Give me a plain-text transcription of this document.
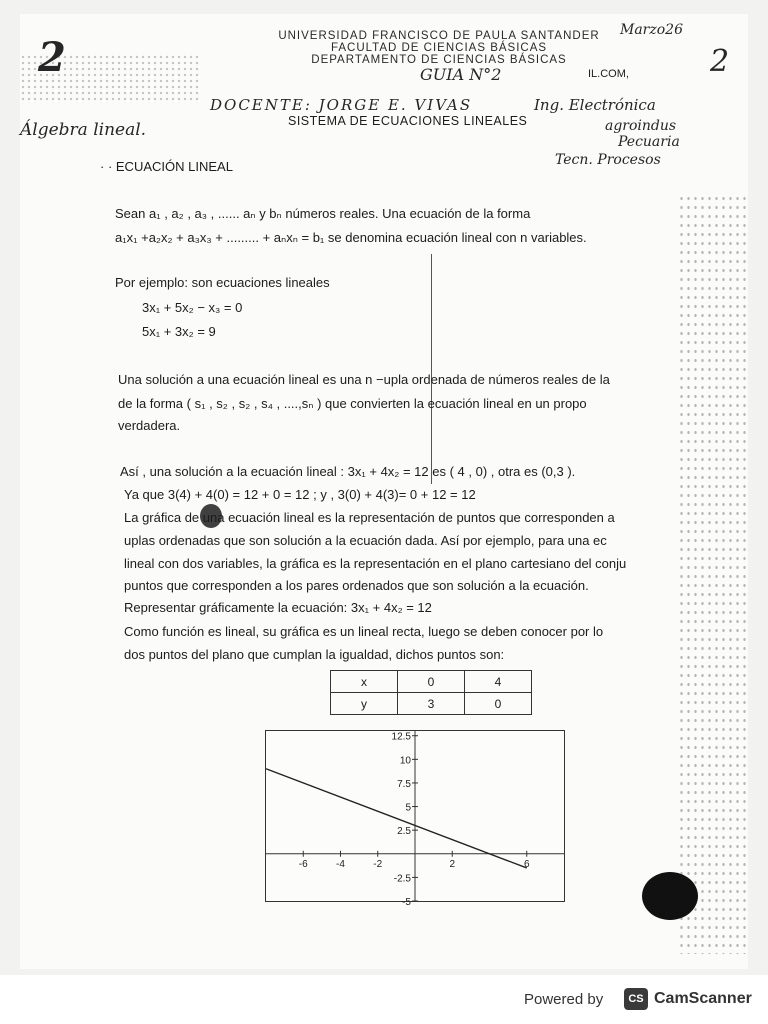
2
Marzo26
2
UNIVERSIDAD FRANCISCO DE PAULA SANTANDER
FACULTAD DE CIENCIAS BÁSICAS
DEPARTAMENTO DE CIENCIAS BÁSICAS
GUIA N°2	IL.COM,
DOCENTE: JORGE E. VIVAS	Ing. Electrónica
Álgebra lineal.	SISTEMA DE ECUACIONES LINEALES	agroindus
Pecuaria
Tecn. Procesos
· · ECUACIÓN LINEAL
Sean a₁ , a₂ , a₃ , ...... aₙ y bₙ números reales. Una ecuación de la forma
a₁x₁ +a₂x₂ + a₃x₃ + ......... + aₙxₙ = b₁ se denomina ecuación lineal con n variables.
Por ejemplo: son ecuaciones lineales
3x₁ + 5x₂ − x₃ = 0
5x₁ + 3x₂ = 9
Una solución a una ecuación lineal es una n −upla ordenada de números reales de la
de la forma ( s₁ , s₂ , s₂ , s₄ , ....,sₙ ) que convierten la ecuación lineal en un propo
verdadera.
Así , una solución a la ecuación lineal : 3x₁ + 4x₂ = 12 es ( 4 , 0) , otra es (0,3 ).
Ya que 3(4) + 4(0) = 12 + 0 = 12 ; y , 3(0) + 4(3)= 0 + 12 = 12
La gráfica de una ecuación lineal es la representación de puntos que corresponden a
uplas ordenadas que son solución a la ecuación dada. Así por ejemplo, para una ec
lineal con dos variables, la gráfica es la representación en el plano cartesiano del conju
puntos que corresponden a los pares ordenados que son solución a la ecuación.
Representar gráficamente la ecuación: 3x₁ + 4x₂ = 12
Como función es lineal, su gráfica es un lineal recta, luego se deben conocer por lo
dos puntos del plano que cumplan la igualdad, dichos puntos son:
x	0	4
y	3	0
12.5
10
7.5
5
2.5
-2.5
-5
-6	-4	-2	2	6
Powered by	CS CamScanner
